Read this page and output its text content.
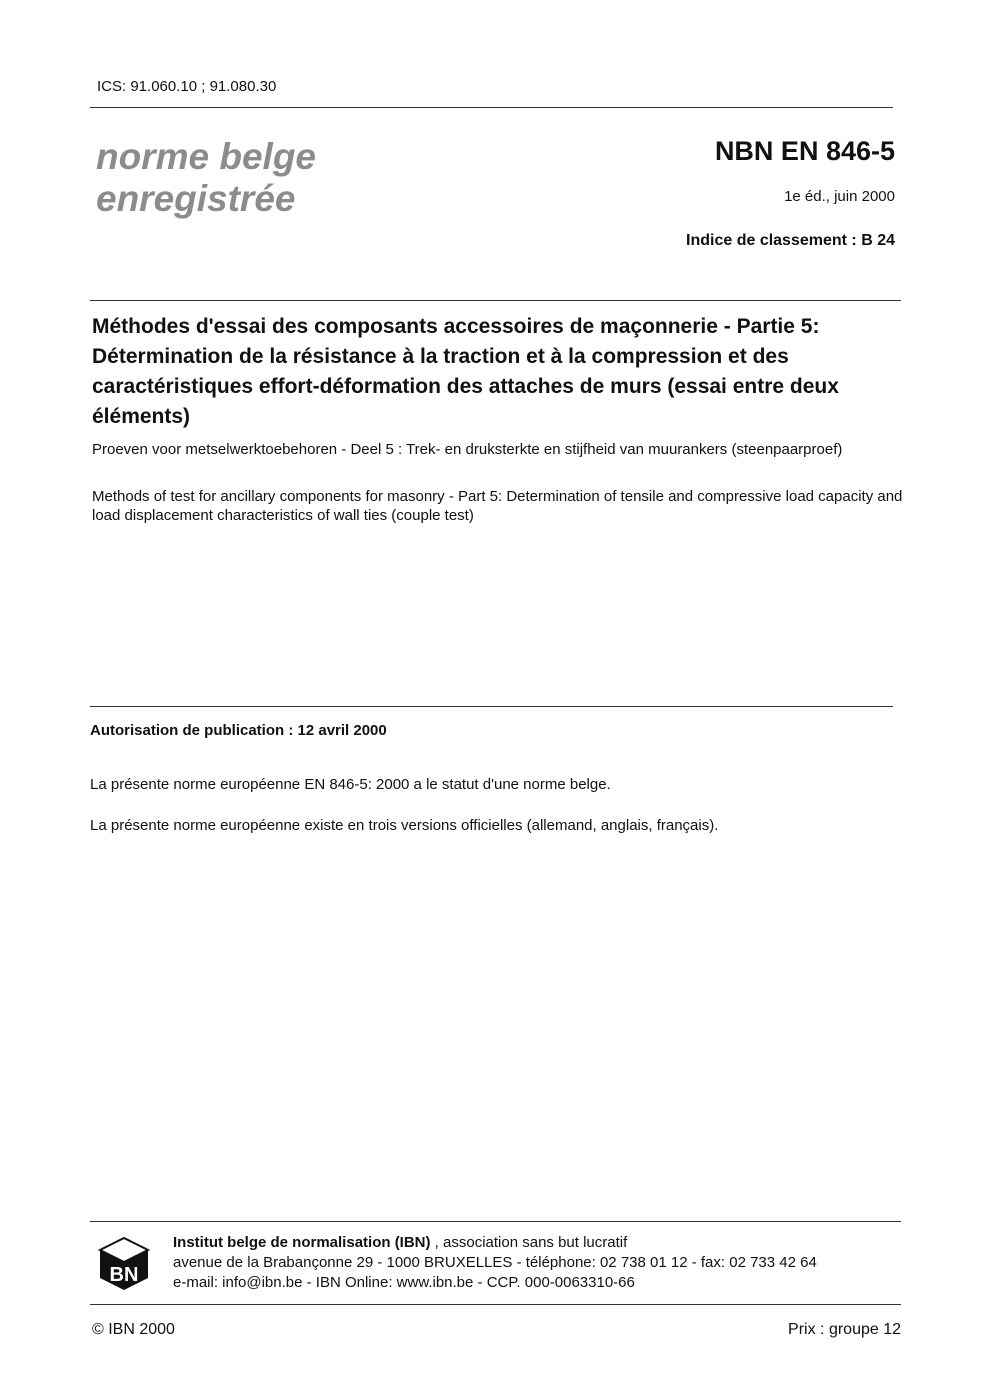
ICS: 91.060.10 ; 91.080.30
norme belge
enregistrée
NBN EN 846-5
1e éd., juin 2000
Indice de classement : B 24
Méthodes d'essai des composants accessoires de maçonnerie - Partie 5: Détermination de la résistance à la traction et à la compression et des caractéristiques effort-déformation des attaches de murs (essai entre deux éléments)
Proeven voor metselwerktoebehoren - Deel 5 : Trek- en druksterkte en stijfheid van muurankers (steenpaarproef)
Methods of test for ancillary components for masonry - Part 5: Determination of tensile and compressive load capacity and load displacement characteristics of wall ties (couple test)
Autorisation de publication : 12 avril 2000
La présente norme européenne EN 846-5: 2000 a le statut d'une norme belge.
La présente norme européenne existe en trois versions officielles (allemand, anglais, français).
BN
Institut belge de normalisation (IBN) , association sans but lucratif
avenue de la Brabançonne 29 - 1000 BRUXELLES - téléphone: 02 738 01 12 - fax: 02 733 42 64
e-mail: info@ibn.be - IBN Online: www.ibn.be - CCP. 000-0063310-66
© IBN 2000	Prix : groupe 12
